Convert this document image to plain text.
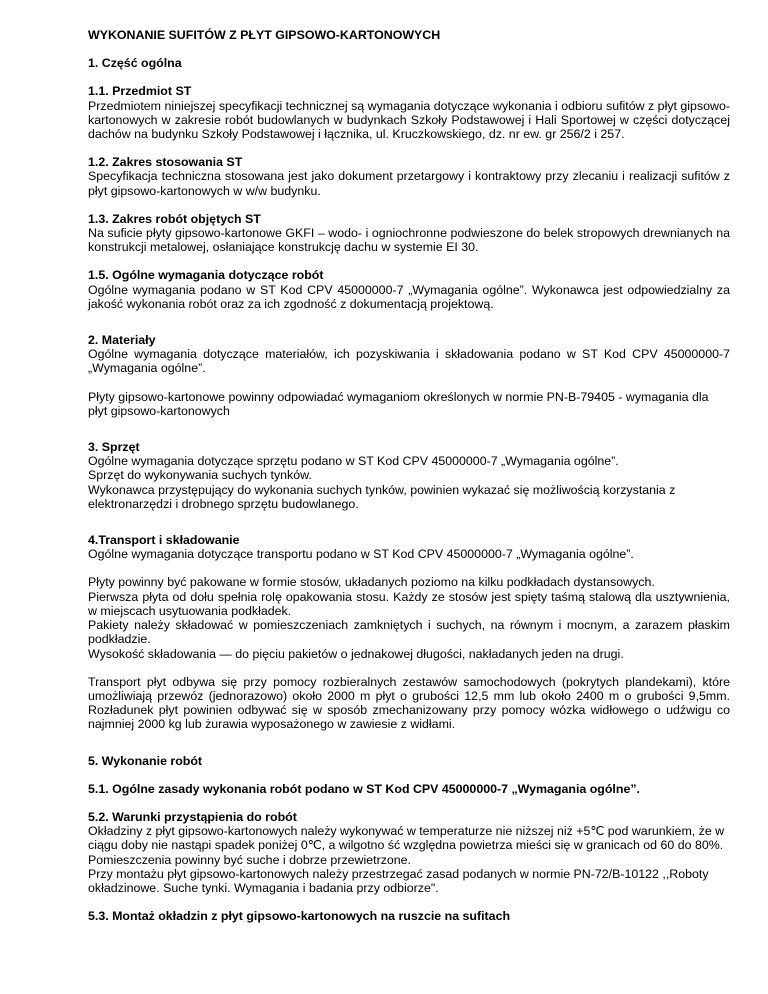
WYKONANIE SUFITÓW Z PŁYT GIPSOWO-KARTONOWYCH

1. Część ogólna

1.1. Przedmiot ST

Przedmiotem niniejszej specyfikacji technicznej są wymagania dotyczące wykonania i odbioru sufitów z płyt gipsowo-kartonowych w zakresie robót budowlanych w budynkach Szkoły Podstawowej i Hali Sportowej w części dotyczącej dachów na budynku Szkoły Podstawowej i łącznika, ul. Kruczkowskiego, dz. nr ew. gr 256/2 i 257.

1.2. Zakres stosowania ST

Specyfikacja techniczna stosowana jest jako dokument przetargowy i kontraktowy przy zlecaniu i realizacji sufitów z płyt gipsowo-kartonowych w w/w budynku.

1.3. Zakres robót objętych ST

Na suficie płyty gipsowo-kartonowe GKFI – wodo- i ogniochronne podwieszone do belek stropowych drewnianych na konstrukcji metalowej, osłaniające konstrukcję dachu w systemie EI 30.

1.5. Ogólne wymagania dotyczące robót

Ogólne wymagania podano w ST Kod CPV 45000000-7 „Wymagania ogólne”. Wykonawca jest odpowiedzialny za jakość wykonania robót oraz za ich zgodność z dokumentacją projektową.

2. Materiały

Ogólne wymagania dotyczące materiałów, ich pozyskiwania i składowania podano w ST Kod CPV 45000000-7 „Wymagania ogólne”.

Płyty gipsowo-kartonowe powinny odpowiadać wymaganiom określonych w normie PN-B-79405 - wymagania dla płyt gipsowo-kartonowych

3. Sprzęt

Ogólne wymagania dotyczące sprzętu podano w ST Kod CPV 45000000-7 „Wymagania ogólne”.

Sprzęt do wykonywania suchych tynków.

Wykonawca przystępujący do wykonania suchych tynków, powinien wykazać się możliwością korzystania z elektronarzędzi i drobnego sprzętu budowlanego.

4.Transport i składowanie

Ogólne wymagania dotyczące transportu podano w ST Kod CPV 45000000-7 „Wymagania ogólne”.

Płyty powinny być pakowane w formie stosów, układanych poziomo na kilku podkładach dystansowych.

Pierwsza płyta od dołu spełnia rolę opakowania stosu. Każdy ze stosów jest spięty taśmą stalową dla usztywnienia, w miejscach usytuowania podkładek.

Pakiety należy składować w pomieszczeniach zamkniętych i suchych, na równym i mocnym, a zarazem płaskim podkładzie.

Wysokość składowania — do pięciu pakietów o jednakowej długości, nakładanych jeden na drugi.

Transport płyt odbywa się przy pomocy rozbieralnych zestawów samochodowych (pokrytych plandekami), które umożliwiają przewóz (jednorazowo) około 2000 m płyt o grubości 12,5 mm lub około 2400 m o grubości 9,5mm. Rozładunek płyt powinien odbywać się w sposób zmechanizowany przy pomocy wózka widłowego o udźwigu co najmniej 2000 kg lub żurawia wyposażonego w zawiesie z widłami.

5. Wykonanie robót

5.1. Ogólne zasady wykonania robót podano w ST Kod CPV 45000000-7 „Wymagania ogólne”.

5.2. Warunki przystąpienia do robót

Okładziny z płyt gipsowo-kartonowych należy wykonywać w temperaturze nie niższej niż +5℃ pod warunkiem, że w ciągu doby nie nastąpi spadek poniżej 0℃, a wilgotno ść względna powietrza mieści się w granicach od 60 do 80%.

Pomieszczenia powinny być suche i dobrze przewietrzone.

Przy montażu płyt gipsowo-kartonowych należy przestrzegać zasad podanych w normie PN-72/B-10122 ,,Roboty okładzinowe. Suche tynki. Wymagania i badania przy odbiorze".

5.3. Montaż okładzin z płyt gipsowo-kartonowych na ruszcie na sufitach
